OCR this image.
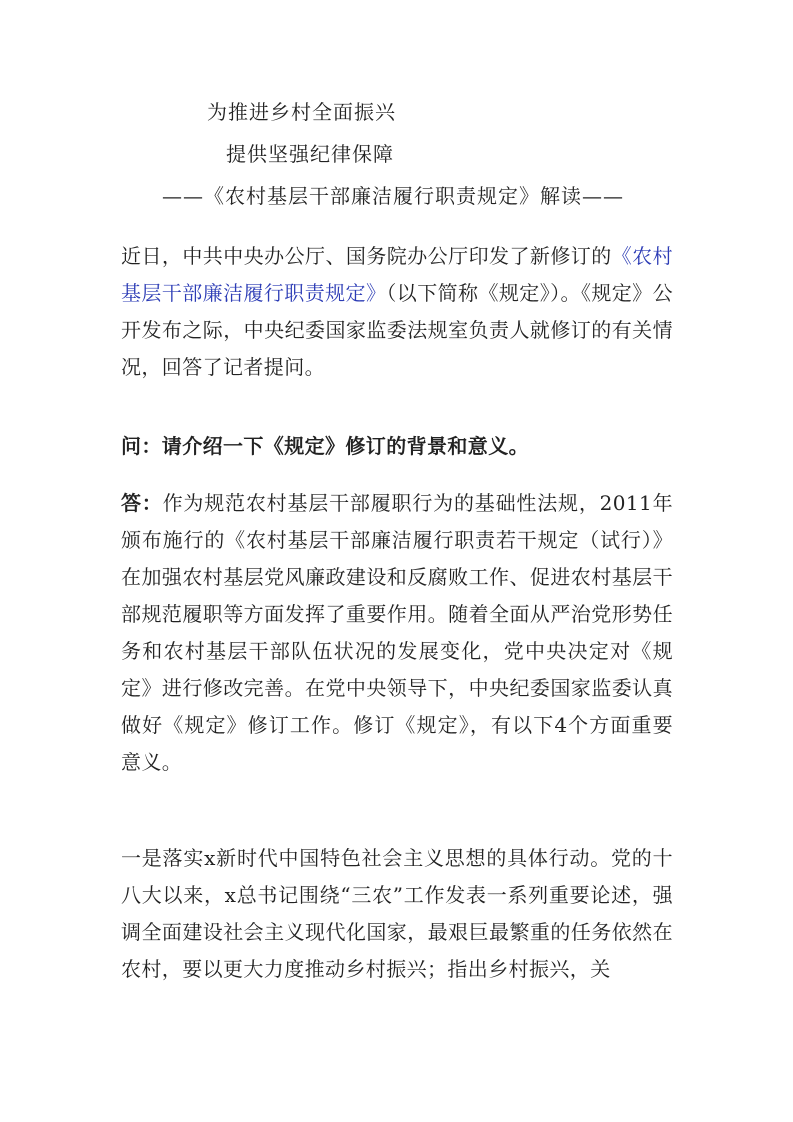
为推进乡村全面振兴
提供坚强纪律保障
——《农村基层干部廉洁履行职责规定》解读——
近日，中共中央办公厅、国务院办公厅印发了新修订的《农村基层干部廉洁履行职责规定》（以下简称《规定》）。《规定》公开发布之际，中央纪委国家监委法规室负责人就修订的有关情况，回答了记者提问。
问：请介绍一下《规定》修订的背景和意义。
答：作为规范农村基层干部履职行为的基础性法规，2011年颁布施行的《农村基层干部廉洁履行职责若干规定（试行）》在加强农村基层党风廉政建设和反腐败工作、促进农村基层干部规范履职等方面发挥了重要作用。随着全面从严治党形势任务和农村基层干部队伍状况的发展变化，党中央决定对《规定》进行修改完善。在党中央领导下，中央纪委国家监委认真做好《规定》修订工作。修订《规定》，有以下4个方面重要意义。
一是落实x新时代中国特色社会主义思想的具体行动。党的十八大以来，x总书记围绕“三农”工作发表一系列重要论述，强调全面建设社会主义现代化国家，最艰巨最繁重的任务依然在农村，要以更大力度推动乡村振兴；指出乡村振兴，关
